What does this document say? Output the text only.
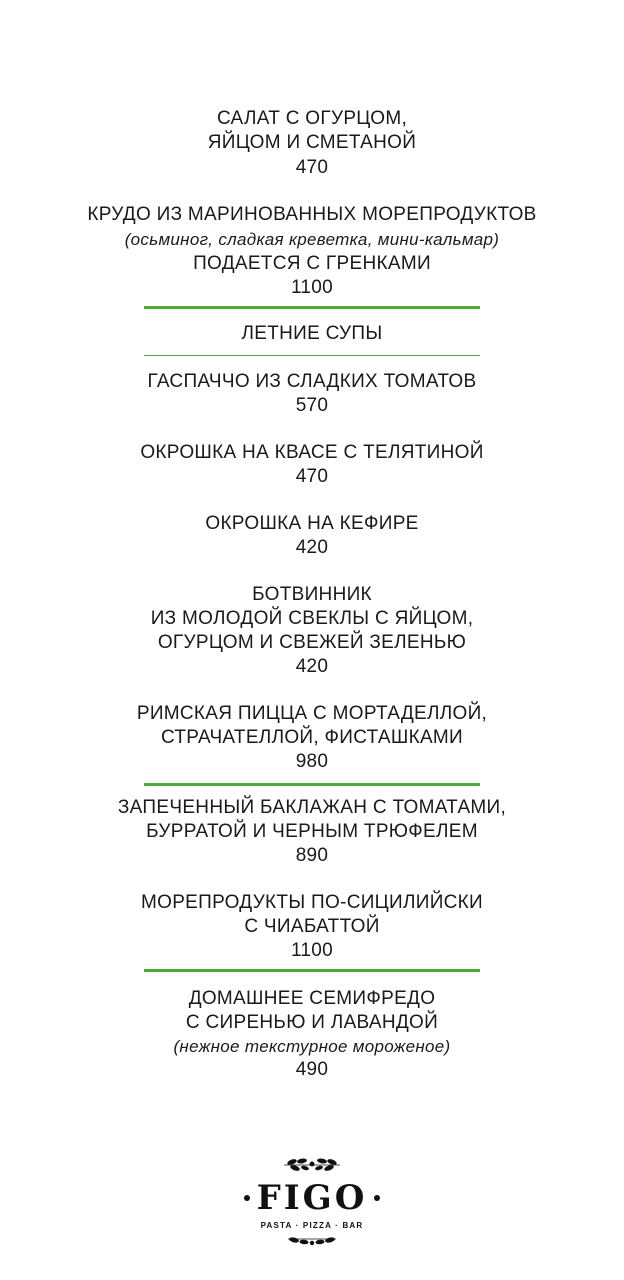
САЛАТ С ОГУРЦОМ,
ЯЙЦОМ И СМЕТАНОЙ
470
КРУДО ИЗ МАРИНОВАННЫХ МОРЕПРОДУКТОВ
(осьминог, сладкая креветка, мини-кальмар)
ПОДАЕТСЯ С ГРЕНКАМИ
1100
ЛЕТНИЕ СУПЫ
ГАСПАЧЧО ИЗ СЛАДКИХ ТОМАТОВ
570
ОКРОШКА НА КВАСЕ С ТЕЛЯТИНОЙ
470
ОКРОШКА НА КЕФИРЕ
420
БОТВИННИК
ИЗ МОЛОДОЙ СВЕКЛЫ С ЯЙЦОМ,
ОГУРЦОМ И СВЕЖЕЙ ЗЕЛЕНЬЮ
420
РИМСКАЯ ПИЦЦА С МОРТАДЕЛЛОЙ,
СТРАЧАТЕЛЛОЙ, ФИСТАШКАМИ
980
ЗАПЕЧЕННЫЙ БАКЛАЖАН С ТОМАТАМИ,
БУРРАТОЙ И ЧЕРНЫМ ТРЮФЕЛЕМ
890
МОРЕПРОДУКТЫ ПО-СИЦИЛИЙСКИ
С ЧИАБАТТОЙ
1100
ДОМАШНЕЕ СЕМИФРЕДО
С СИРЕНЬЮ И ЛАВАНДОЙ
(нежное текстурное мороженое)
490
FIGO
PASTA · PIZZA · BAR
